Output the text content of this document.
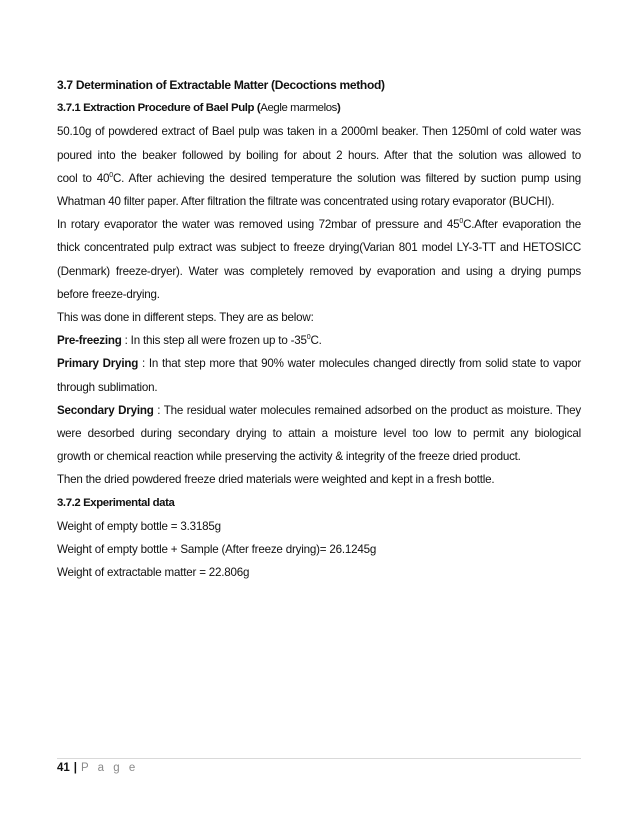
3.7 Determination of Extractable Matter (Decoctions method)
3.7.1 Extraction Procedure of Bael Pulp (Aegle marmelos)
50.10g of powdered extract of Bael pulp was taken in a 2000ml beaker. Then 1250ml of cold water was
poured into the beaker followed by boiling for about 2 hours. After that the solution was allowed to
cool to $40^0C$. After achieving the desired temperature the solution was filtered by suction pump using
Whatman 40 filter paper. After filtration the filtrate was concentrated using rotary evaporator (BUCHI).
In rotary evaporator the water was removed using 72mbar of pressure and $45^0C.After$ evaporation the
thick concentrated pulp extract was subject to freeze drying(Varian 801 model LY-3-TT and HETOSICC
(Denmark) freeze-dryer). Water was completely removed by evaporation and using a drying pumps
before freeze-drying.
This was done in different steps. They are as below:
Pre-freezing : In this step all were frozen up to $-35^0C$.
Primary Drying : In that step more that 90% water molecules changed directly from solid state to vapor
through sublimation.
Secondary Drying : The residual water molecules remained adsorbed on the product as moisture. They
were desorbed during secondary drying to attain a moisture level too low to permit any biological
growth or chemical reaction while preserving the activity & integrity of the freeze dried product.
Then the dried powdered freeze dried materials were weighted and kept in a fresh bottle.
3.7.2 Experimental data
Weight of empty bottle = 3.3185g
Weight of empty bottle + Sample (After freeze drying)= 26.1245g
Weight of extractable matter = 22.806g
41 | P a g e
